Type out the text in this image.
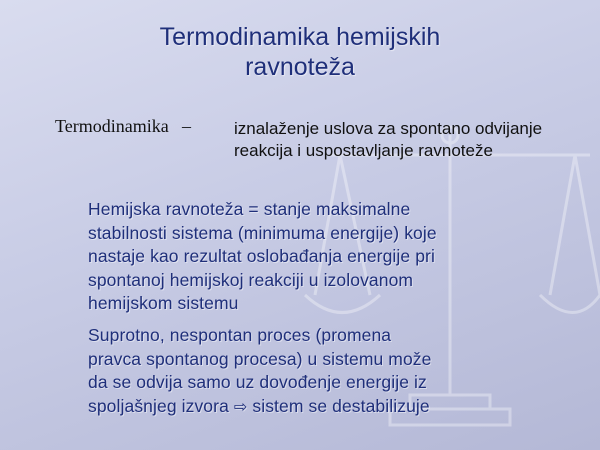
Termodinamika hemijskih
ravnoteža
Termodinamika –	iznalaženje uslova za spontano odvijanje
reakcija i uspostavljanje ravnoteže
Hemijska ravnoteža = stanje maksimalne
stabilnosti sistema (minimuma energije) koje
nastaje kao rezultat oslobađanja energije pri
spontanoj hemijskoj reakciji u izolovanom
hemijskom sistemu
Suprotno, nespontan proces (promena
pravca spontanog procesa) u sistemu može
da se odvija samo uz dovođenje energije iz
spoljašnjeg izvora ⇨ sistem se destabilizuje
